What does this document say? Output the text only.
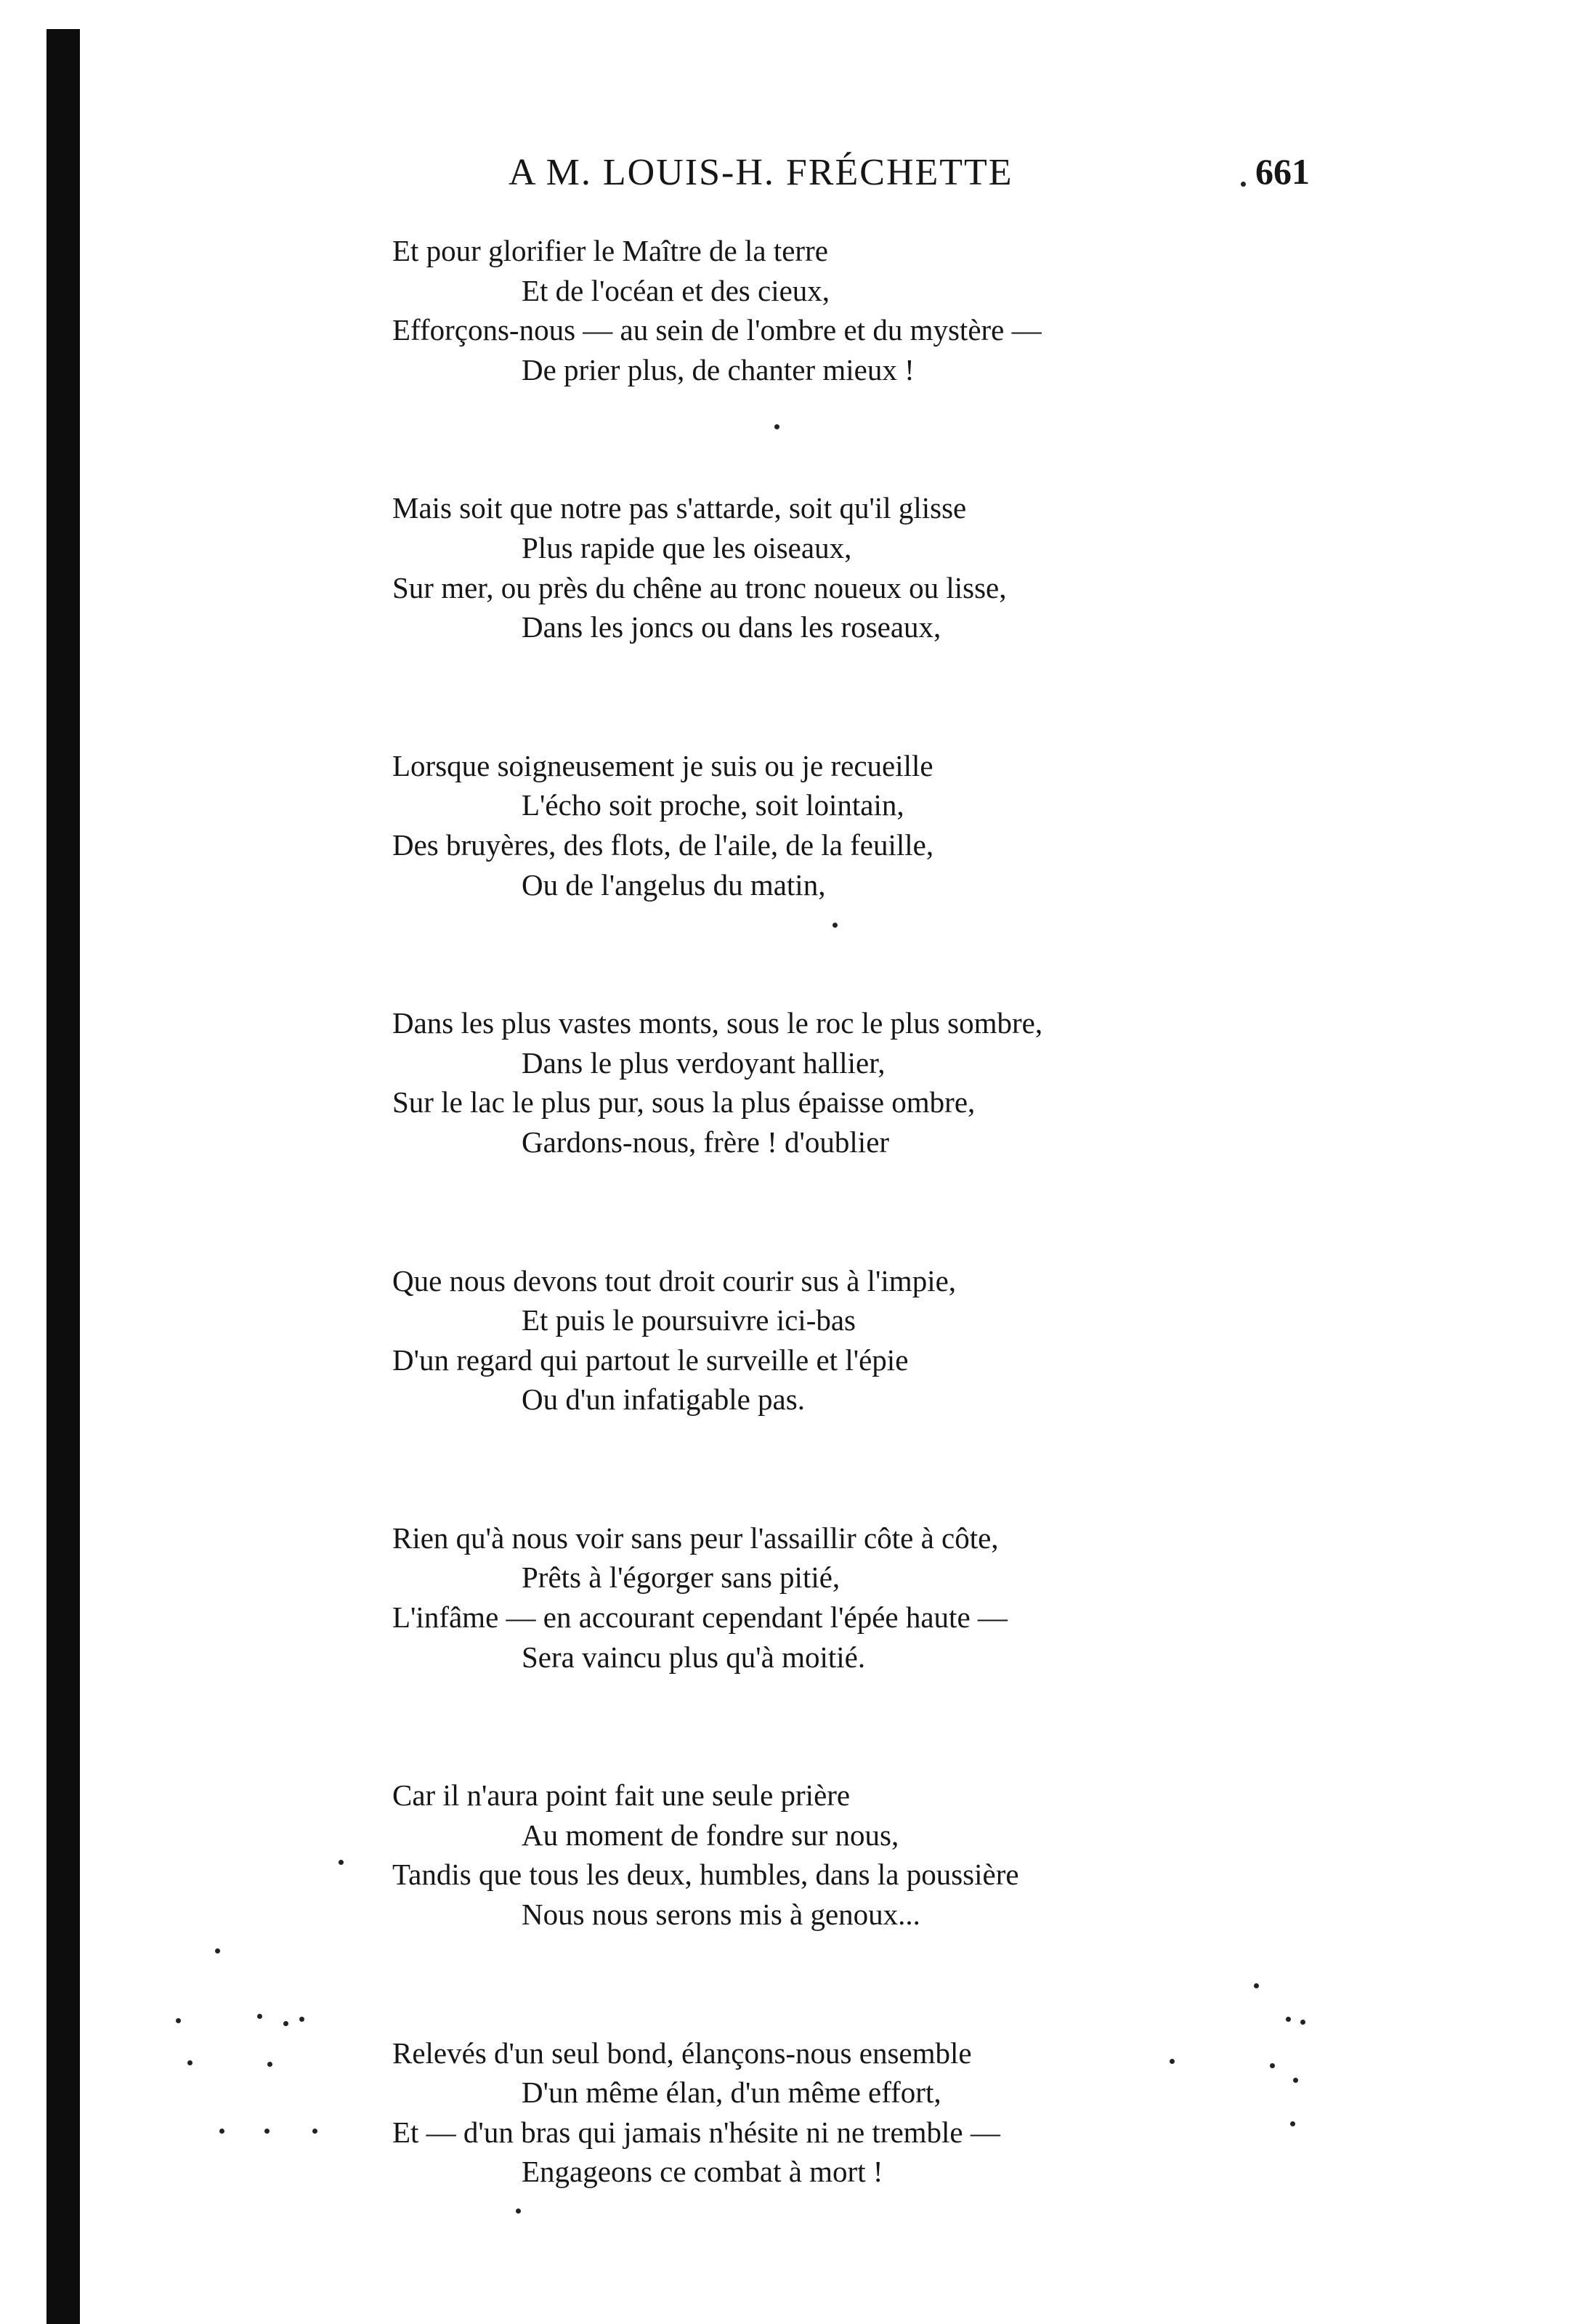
A M. LOUIS-H. FRÉCHETTE	661
Et pour glorifier le Maître de la terre
Et de l'océan et des cieux,
Efforçons-nous — au sein de l'ombre et du mystère —
De prier plus, de chanter mieux !
Mais soit que notre pas s'attarde, soit qu'il glisse
Plus rapide que les oiseaux,
Sur mer, ou près du chêne au tronc noueux ou lisse,
Dans les joncs ou dans les roseaux,
Lorsque soigneusement je suis ou je recueille
L'écho soit proche, soit lointain,
Des bruyères, des flots, de l'aile, de la feuille,
Ou de l'angelus du matin,
Dans les plus vastes monts, sous le roc le plus sombre,
Dans le plus verdoyant hallier,
Sur le lac le plus pur, sous la plus épaisse ombre,
Gardons-nous, frère ! d'oublier
Que nous devons tout droit courir sus à l'impie,
Et puis le poursuivre ici-bas
D'un regard qui partout le surveille et l'épie
Ou d'un infatigable pas.
Rien qu'à nous voir sans peur l'assaillir côte à côte,
Prêts à l'égorger sans pitié,
L'infâme — en accourant cependant l'épée haute —
Sera vaincu plus qu'à moitié.
Car il n'aura point fait une seule prière
Au moment de fondre sur nous,
Tandis que tous les deux, humbles, dans la poussière
Nous nous serons mis à genoux...
Relevés d'un seul bond, élançons-nous ensemble
D'un même élan, d'un même effort,
Et — d'un bras qui jamais n'hésite ni ne tremble —
Engageons ce combat à mort !
